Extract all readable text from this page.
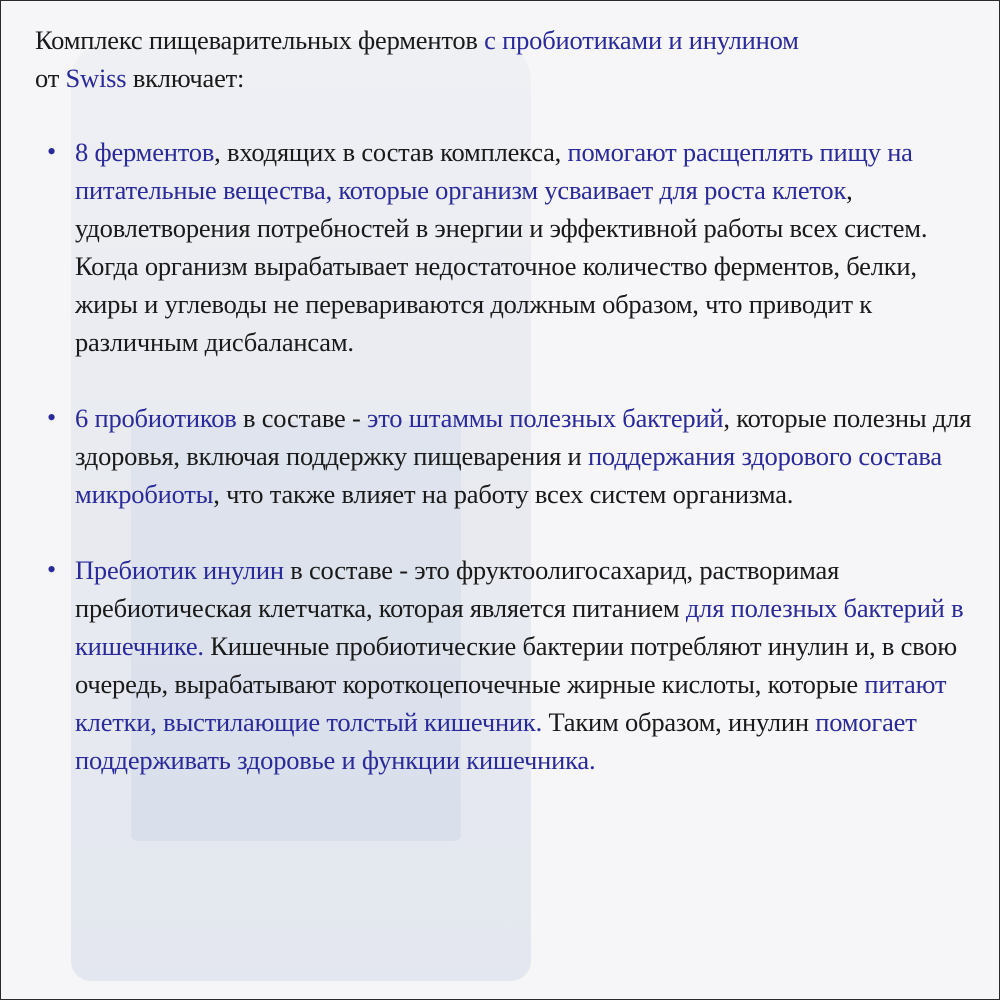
Комплекс пищеварительных ферментов с пробиотиками и инулином
от Swiss включает:

• 8 ферментов, входящих в состав комплекса, помогают расщеплять пищу на питательные вещества, которые организм усваивает для роста клеток, удовлетворения потребностей в энергии и эффективной работы всех систем. Когда организм вырабатывает недостаточное количество ферментов, белки, жиры и углеводы не перевариваются должным образом, что приводит к различным дисбалансам.
• 6 пробиотиков в составе - это штаммы полезных бактерий, которые полезны для здоровья, включая поддержку пищеварения и поддержания здорового состава микробиоты, что также влияет на работу всех систем организма.
• Пребиотик инулин в составе - это фруктоолигосахарид, растворимая пребиотическая клетчатка, которая является питанием для полезных бактерий в кишечнике. Кишечные пробиотические бактерии потребляют инулин и, в свою очередь, вырабатывают короткоцепочечные жирные кислоты, которые питают клетки, выстилающие толстый кишечник. Таким образом, инулин помогает поддерживать здоровье и функции кишечника.
